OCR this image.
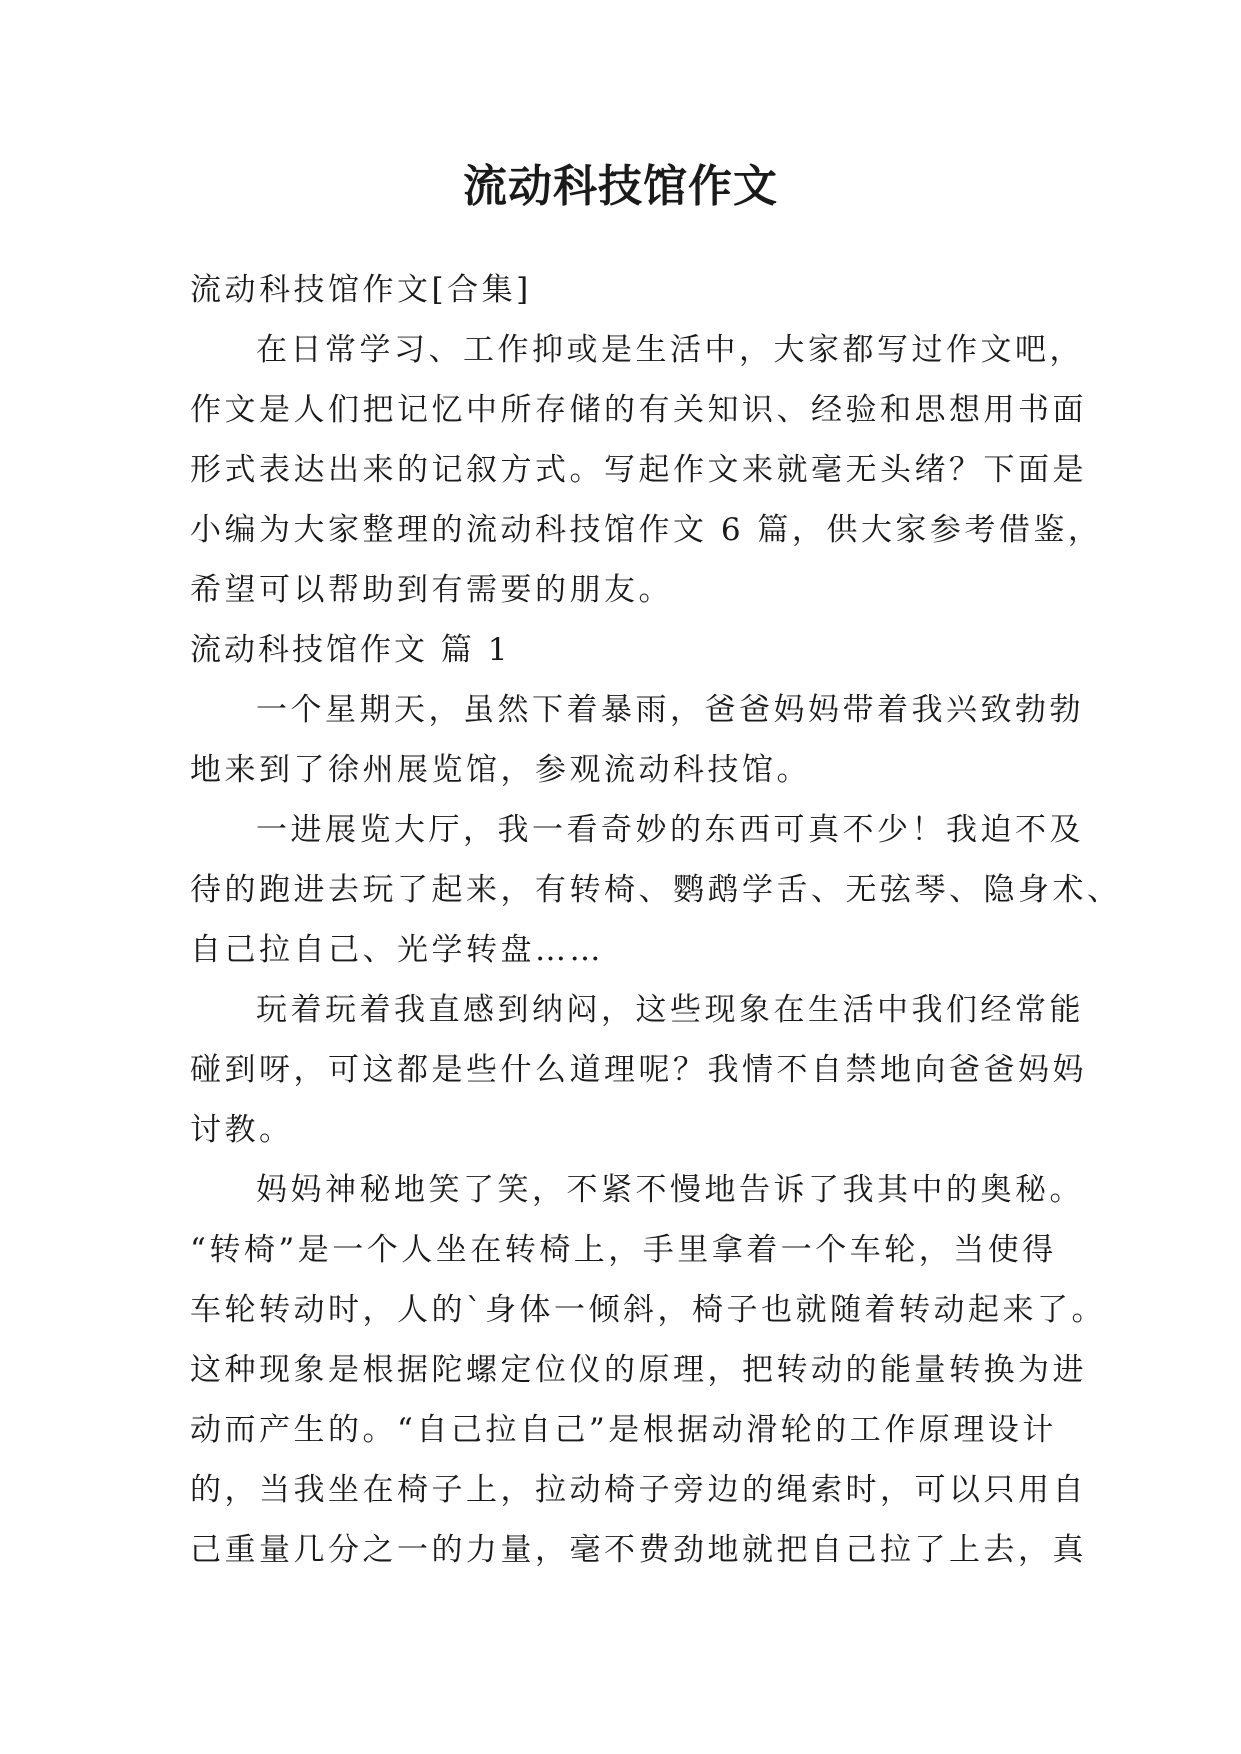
流动科技馆作文
流动科技馆作文[合集]
在日常学习、工作抑或是生活中，大家都写过作文吧，
作文是人们把记忆中所存储的有关知识、经验和思想用书面
形式表达出来的记叙方式。写起作文来就毫无头绪？下面是
小编为大家整理的流动科技馆作文 6 篇，供大家参考借鉴，
希望可以帮助到有需要的朋友。
流动科技馆作文 篇 1
一个星期天，虽然下着暴雨，爸爸妈妈带着我兴致勃勃
地来到了徐州展览馆，参观流动科技馆。
一进展览大厅，我一看奇妙的东西可真不少！我迫不及
待的跑进去玩了起来，有转椅、鹦鹉学舌、无弦琴、隐身术、
自己拉自己、光学转盘……
玩着玩着我直感到纳闷，这些现象在生活中我们经常能
碰到呀，可这都是些什么道理呢？我情不自禁地向爸爸妈妈
讨教。
妈妈神秘地笑了笑，不紧不慢地告诉了我其中的奥秘。
“转椅”是一个人坐在转椅上，手里拿着一个车轮，当使得
车轮转动时，人的`身体一倾斜，椅子也就随着转动起来了。
这种现象是根据陀螺定位仪的原理，把转动的能量转换为进
动而产生的。“自己拉自己”是根据动滑轮的工作原理设计
的，当我坐在椅子上，拉动椅子旁边的绳索时，可以只用自
己重量几分之一的力量，毫不费劲地就把自己拉了上去，真
